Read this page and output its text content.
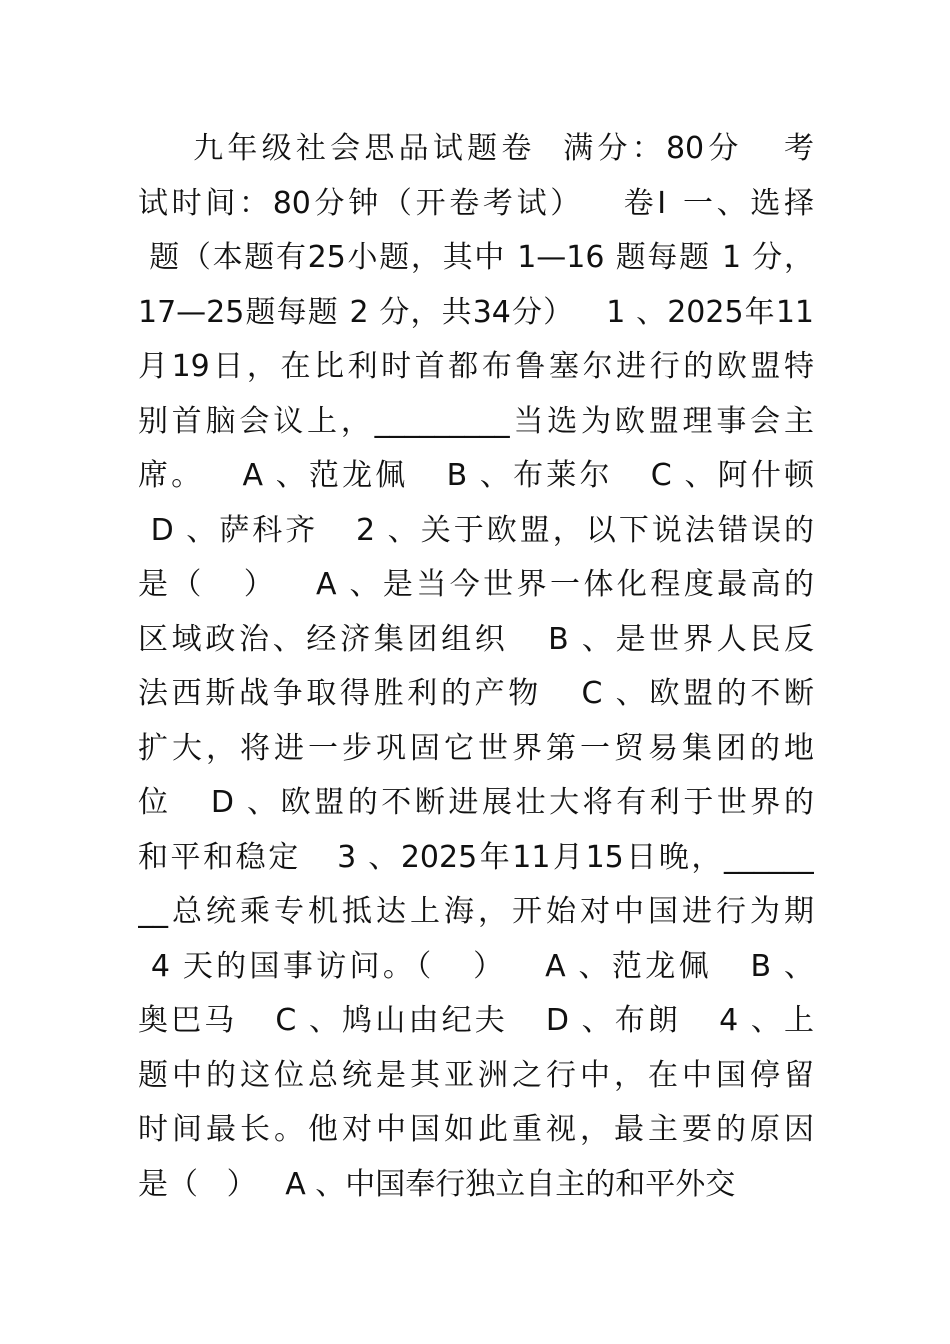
九年级社会思品试题卷  满分：80分   考
试时间：80分钟（开卷考试）   卷Ⅰ 一、选择
题（本题有25小题，其中 1—16 题每题 1 分，
17—25题每题 2 分，共34分）   1 、2025年11
月19日，在比利时首都布鲁塞尔进行的欧盟特
别首脑会议上，_________当选为欧盟理事会主
席。   A 、范龙佩   B 、布莱尔   C 、阿什顿
D 、萨科齐   2 、关于欧盟，以下说法错误的
是（   ）   A 、是当今世界一体化程度最高的
区域政治、经济集团组织   B 、是世界人民反
法西斯战争取得胜利的产物   C 、欧盟的不断
扩大，将进一步巩固它世界第一贸易集团的地
位   D 、欧盟的不断进展壮大将有利于世界的
和平和稳定   3 、2025年11月15日晚，______
__总统乘专机抵达上海，开始对中国进行为期
4 天的国事访问。（   ）   A 、范龙佩   B 、
奥巴马   C 、鸠山由纪夫   D 、布朗   4 、上
题中的这位总统是其亚洲之行中，在中国停留
时间最长。他对中国如此重视，最主要的原因
是（   ）   A 、中国奉行独立自主的和平外交
